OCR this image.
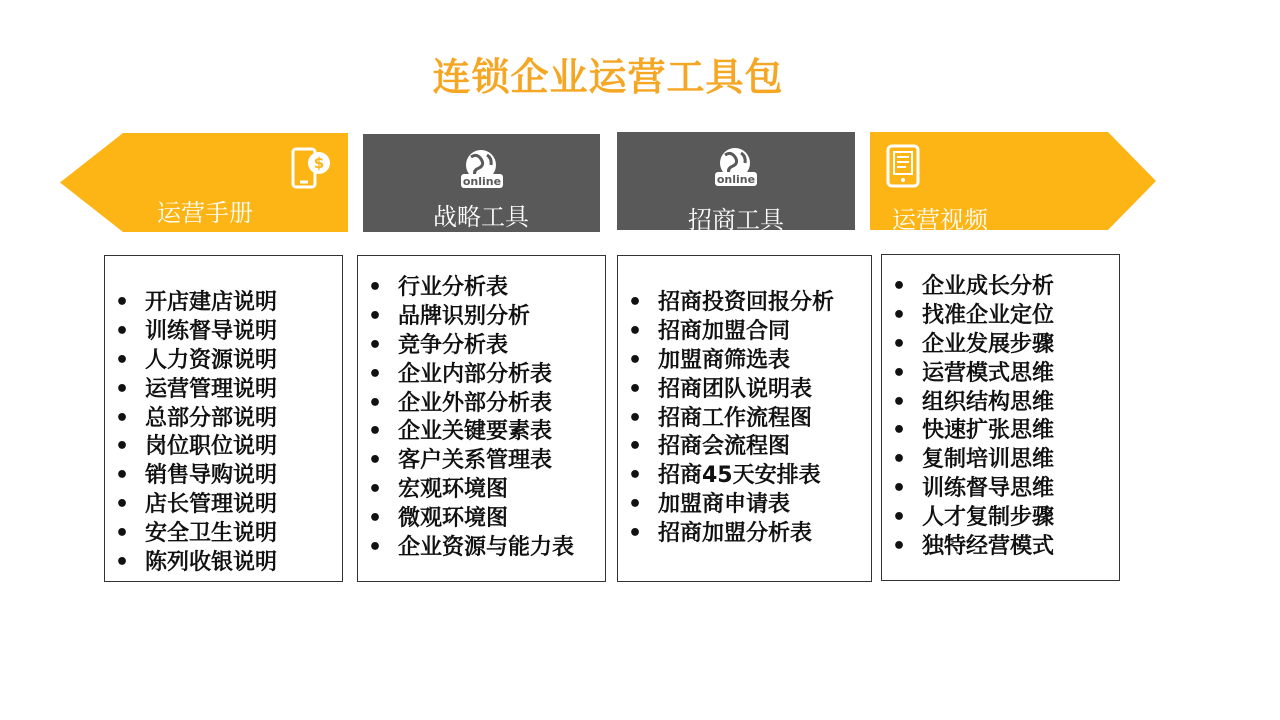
连锁企业运营工具包
$
运营手册
online
战略工具
online
招商工具	运营视频
• 开店建店说明
• 训练督导说明
• 人力资源说明
• 运营管理说明
• 总部分部说明
• 岗位职位说明
• 销售导购说明
• 店长管理说明
• 安全卫生说明
• 陈列收银说明
• 行业分析表
• 品牌识别分析
• 竞争分析表
• 企业内部分析表
• 企业外部分析表
• 企业关键要素表
• 客户关系管理表
• 宏观环境图
• 微观环境图
• 企业资源与能力表
• 招商投资回报分析
• 招商加盟合同
• 加盟商筛选表
• 招商团队说明表
• 招商工作流程图
• 招商会流程图
• 招商45天安排表
• 加盟商申请表
• 招商加盟分析表
• 企业成长分析
• 找准企业定位
• 企业发展步骤
• 运营模式思维
• 组织结构思维
• 快速扩张思维
• 复制培训思维
• 训练督导思维
• 人才复制步骤
• 独特经营模式
